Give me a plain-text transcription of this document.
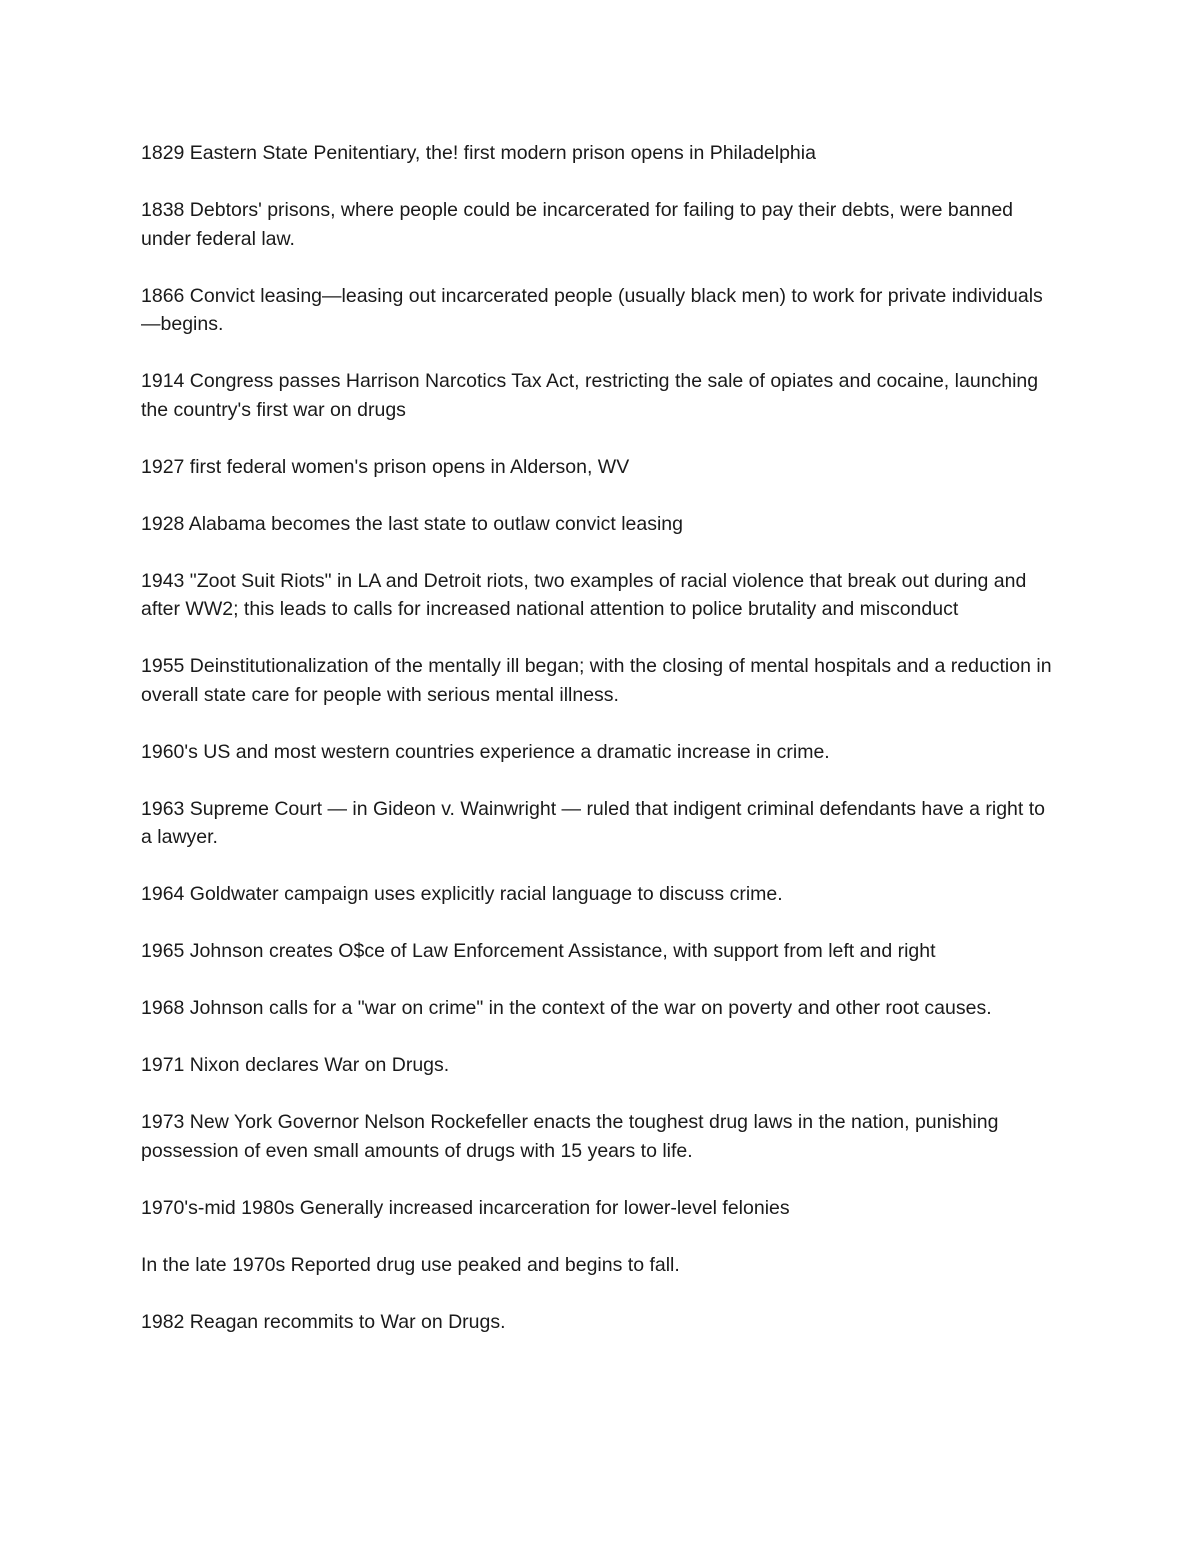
1829 Eastern State Penitentiary, the! first modern prison opens in Philadelphia

1838 Debtors' prisons, where people could be incarcerated for failing to pay their debts, were banned under federal law.

1866 Convict leasing—leasing out incarcerated people (usually black men) to work for private individuals—begins.

1914 Congress passes Harrison Narcotics Tax Act, restricting the sale of opiates and cocaine, launching the country's first war on drugs

1927 first federal women's prison opens in Alderson, WV

1928 Alabama becomes the last state to outlaw convict leasing

1943 "Zoot Suit Riots" in LA and Detroit riots, two examples of racial violence that break out during and after WW2; this leads to calls for increased national attention to police brutality and misconduct

1955 Deinstitutionalization of the mentally ill began; with the closing of mental hospitals and a reduction in overall state care for people with serious mental illness.

1960's US and most western countries experience a dramatic increase in crime.

1963 Supreme Court — in Gideon v. Wainwright — ruled that indigent criminal defendants have a right to a lawyer.

1964 Goldwater campaign uses explicitly racial language to discuss crime.

1965 Johnson creates O$ce of Law Enforcement Assistance, with support from left and right

1968 Johnson calls for a "war on crime" in the context of the war on poverty and other root causes.

1971 Nixon declares War on Drugs.

1973 New York Governor Nelson Rockefeller enacts the toughest drug laws in the nation, punishing possession of even small amounts of drugs with 15 years to life.

1970's-mid 1980s Generally increased incarceration for lower-level felonies

In the late 1970s Reported drug use peaked and begins to fall.

1982 Reagan recommits to War on Drugs.
